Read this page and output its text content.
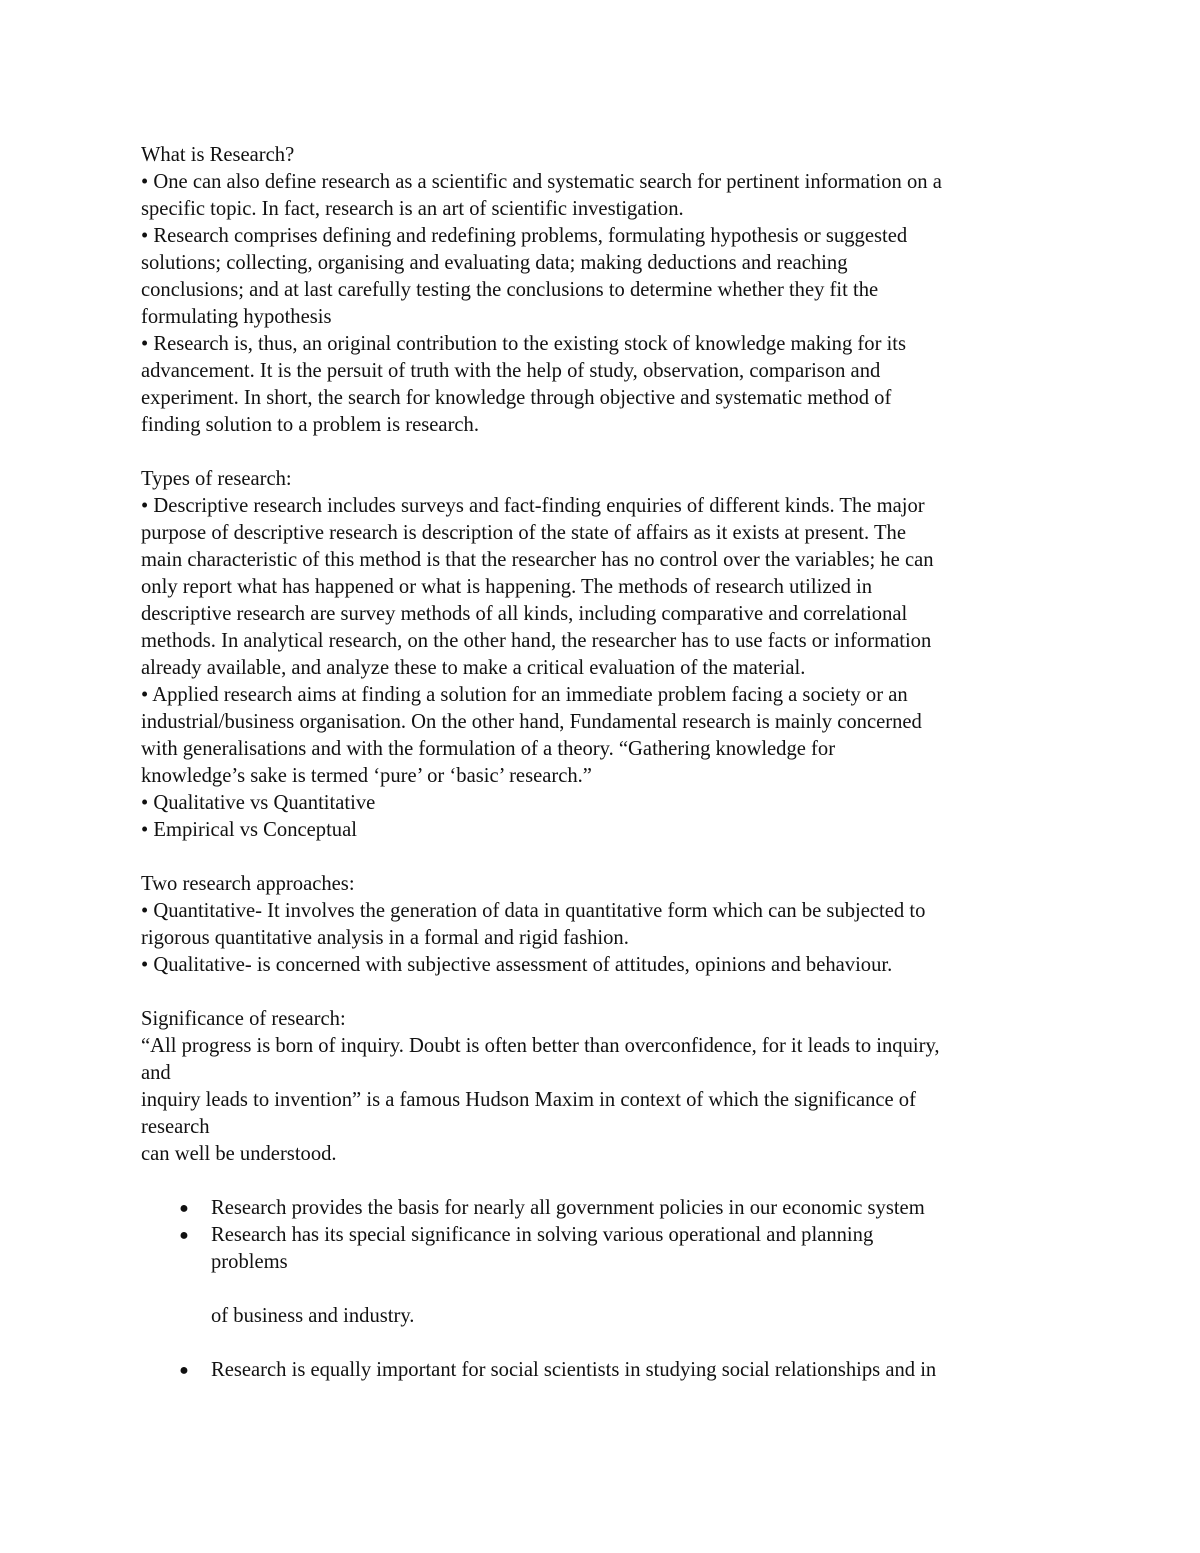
What is Research?
• One can also define research as a scientific and systematic search for pertinent information on a
specific topic. In fact, research is an art of scientific investigation.
• Research comprises defining and redefining problems, formulating hypothesis or suggested
solutions; collecting, organising and evaluating data; making deductions and reaching
conclusions; and at last carefully testing the conclusions to determine whether they fit the
formulating hypothesis
• Research is, thus, an original contribution to the existing stock of knowledge making for its
advancement. It is the persuit of truth with the help of study, observation, comparison and
experiment. In short, the search for knowledge through objective and systematic method of
finding solution to a problem is research.
Types of research:
• Descriptive research includes surveys and fact-finding enquiries of different kinds. The major
purpose of descriptive research is description of the state of affairs as it exists at present. The
main characteristic of this method is that the researcher has no control over the variables; he can
only report what has happened or what is happening. The methods of research utilized in
descriptive research are survey methods of all kinds, including comparative and correlational
methods. In analytical research, on the other hand, the researcher has to use facts or information
already available, and analyze these to make a critical evaluation of the material.
• Applied research aims at finding a solution for an immediate problem facing a society or an
industrial/business organisation. On the other hand, Fundamental research is mainly concerned
with generalisations and with the formulation of a theory. “Gathering knowledge for
knowledge’s sake is termed ‘pure’ or ‘basic’ research.”
• Qualitative vs Quantitative
• Empirical vs Conceptual
Two research approaches:
• Quantitative- It involves the generation of data in quantitative form which can be subjected to
rigorous quantitative analysis in a formal and rigid fashion.
• Qualitative- is concerned with subjective assessment of attitudes, opinions and behaviour.
Significance of research:
“All progress is born of inquiry. Doubt is often better than overconfidence, for it leads to inquiry,
and
inquiry leads to invention” is a famous Hudson Maxim in context of which the significance of
research
can well be understood.
● Research provides the basis for nearly all government policies in our economic system
● Research has its special significance in solving various operational and planning
problems
of business and industry.
● Research is equally important for social scientists in studying social relationships and in
